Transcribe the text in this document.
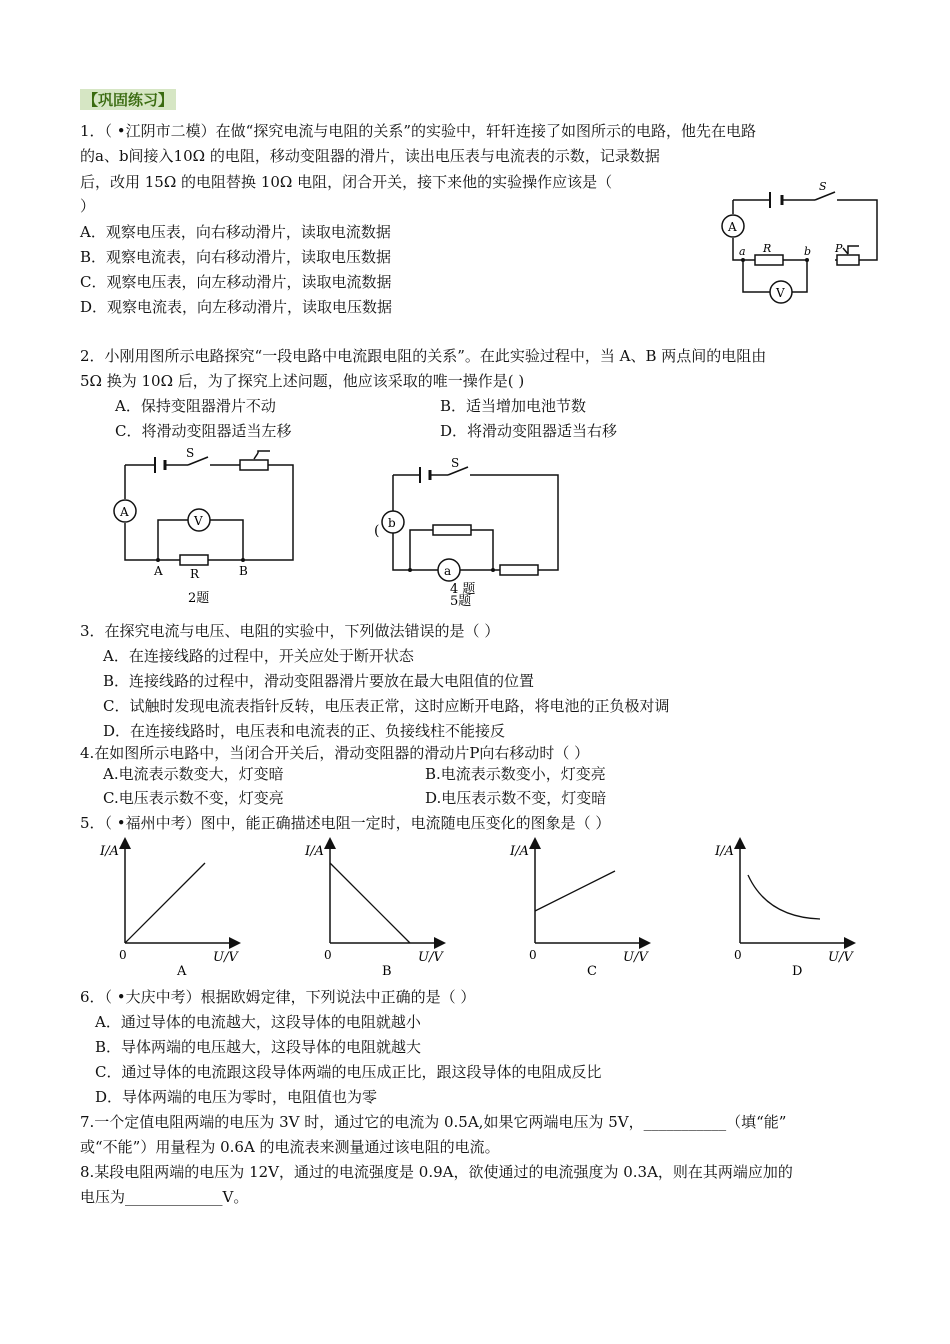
【巩固练习】
1．（ •江阴市二模）在做“探究电流与电阻的关系”的实验中，轩轩连接了如图所示的电路，他先在电路
的a、b间接入10Ω 的电阻，移动变阻器的滑片，读出电压表与电流表的示数，记录数据
后，改用 15Ω 的电阻替换 10Ω 电阻，闭合开关，接下来他的实验操作应该是（
）
A．观察电压表，向右移动滑片，读取电流数据
B．观察电流表，向右移动滑片，读取电压数据
C．观察电压表，向左移动滑片，读取电流数据
D．观察电流表，向左移动滑片，读取电压数据
S
A
V
R	P
a	b
2．小刚用图所示电路探究“一段电路中电流跟电阻的关系”。在此实验过程中，当 A、B 两点间的电阻由
5Ω 换为 10Ω 后，为了探究上述问题，他应该采取的唯一操作是( )
A．保持变阻器滑片不动	B．适当增加电池节数
C．将滑动变阻器适当左移	D．将滑动变阻器适当右移
S
A
V
A	B
R
2题
S
b
(
a
4 题
5题
3．在探究电流与电压、电阻的实验中，下列做法错误的是（ ）
A．在连接线路的过程中，开关应处于断开状态
B．连接线路的过程中，滑动变阻器滑片要放在最大电阻值的位置
C．试触时发现电流表指针反转，电压表正常，这时应断开电路，将电池的正负极对调
D．在连接线路时，电压表和电流表的正、负接线柱不能接反
4.在如图所示电路中，当闭合开关后，滑动变阻器的滑动片P向右移动时（ ）
A.电流表示数变大，灯变暗	B.电流表示数变小，灯变亮
C.电压表示数不变，灯变亮	D.电压表示数不变，灯变暗
5．（ •福州中考）图中，能正确描述电阻一定时，电流随电压变化的图象是（ ）
I/A
U/V
0
A
I/A
U/V
0
B
I/A
U/V
0
C
I/A
U/V
0
D
6．（ •大庆中考）根据欧姆定律，下列说法中正确的是（ ）
A．通过导体的电流越大，这段导体的电阻就越小
B．导体两端的电压越大，这段导体的电阻就越大
C．通过导体的电流跟这段导体两端的电压成正比，跟这段导体的电阻成反比
D．导体两端的电压为零时，电阻值也为零
7.一个定值电阻两端的电压为 3V 时，通过它的电流为 0.5A,如果它两端电压为 5V，___________（填“能”
或“不能”）用量程为 0.6A 的电流表来测量通过该电阻的电流。
8.某段电阻两端的电压为 12V，通过的电流强度是 0.9A，欲使通过的电流强度为 0.3A，则在其两端应加的
电压为_____________V。
